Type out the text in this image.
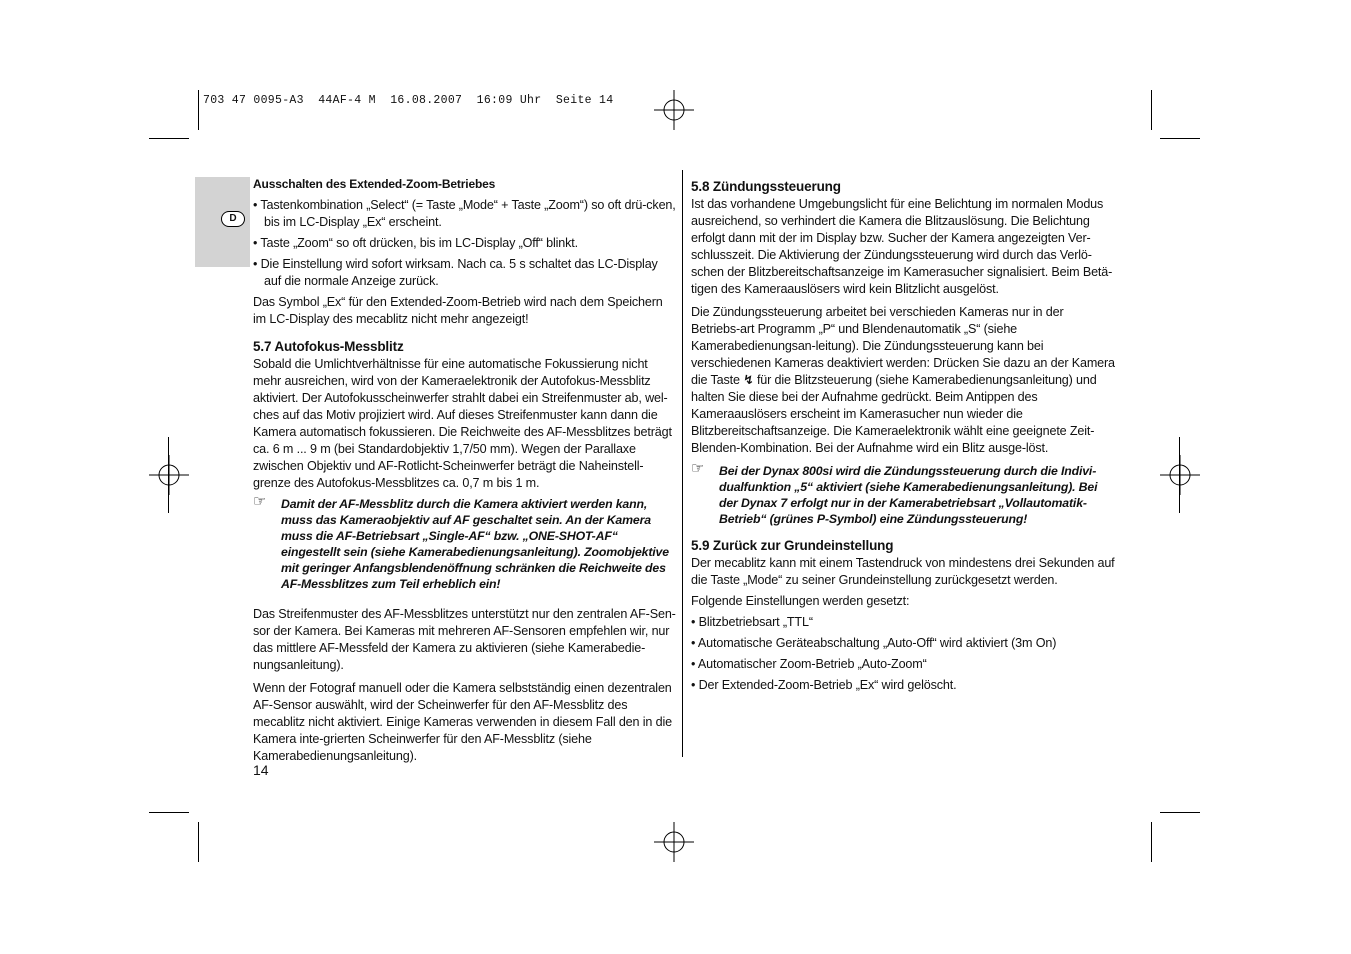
703 47 0095-A3  44AF-4 M  16.08.2007  16:09 Uhr  Seite 14
D

Ausschalten des Extended-Zoom-Betriebes

• Tastenkombination „Select“ (= Taste „Mode“ + Taste „Zoom“) so oft drü-cken, bis im LC-Display „Ex“ erscheint.

• Taste „Zoom“ so oft drücken, bis im LC-Display „Off“ blinkt.

• Die Einstellung wird sofort wirksam. Nach ca. 5 s schaltet das LC-Display auf die normale Anzeige zurück.

Das Symbol „Ex“ für den Extended-Zoom-Betrieb wird nach dem Speichern im LC-Display des mecablitz nicht mehr angezeigt!

5.7 Autofokus-Messblitz

Sobald die Umlichtverhältnisse für eine automatische Fokussierung nicht mehr ausreichen, wird von der Kameraelektronik der Autofokus-Messblitz aktiviert. Der Autofokusscheinwerfer strahlt dabei ein Streifenmuster ab, wel-ches auf das Motiv projiziert wird. Auf dieses Streifenmuster kann dann die Kamera automatisch fokussieren. Die Reichweite des AF-Messblitzes beträgt ca. 6 m ... 9 m (bei Standardobjektiv 1,7/50 mm). Wegen der Parallaxe zwischen Objektiv und AF-Rotlicht-Scheinwerfer beträgt die Naheinstell-grenze des Autofokus-Messblitzes ca. 0,7 m bis 1 m.

☞ Damit der AF-Messblitz durch die Kamera aktiviert werden kann, muss das Kameraobjektiv auf AF geschaltet sein. An der Kamera muss die AF-Betriebsart „Single-AF“ bzw. „ONE-SHOT-AF“ eingestellt sein (siehe Kamerabedienungsanleitung). Zoomobjektive mit geringer Anfangsblendenöffnung schränken die Reichweite des AF-Messblitzes zum Teil erheblich ein!

Das Streifenmuster des AF-Messblitzes unterstützt nur den zentralen AF-Sen-sor der Kamera. Bei Kameras mit mehreren AF-Sensoren empfehlen wir, nur das mittlere AF-Messfeld der Kamera zu aktivieren (siehe Kamerabedie-nungsanleitung).

Wenn der Fotograf manuell oder die Kamera selbstständig einen dezentralen AF-Sensor auswählt, wird der Scheinwerfer für den AF-Messblitz des mecablitz nicht aktiviert. Einige Kameras verwenden in diesem Fall den in die Kamera inte-grierten Scheinwerfer für den AF-Messblitz (siehe Kamerabedienungsanleitung).

14

5.8 Zündungssteuerung

Ist das vorhandene Umgebungslicht für eine Belichtung im normalen Modus ausreichend, so verhindert die Kamera die Blitzauslösung. Die Belichtung erfolgt dann mit der im Display bzw. Sucher der Kamera angezeigten Ver-schlusszeit. Die Aktivierung der Zündungssteuerung wird durch das Verlö-schen der Blitzbereitschaftsanzeige im Kamerasucher signalisiert. Beim Betä-tigen des Kameraauslösers wird kein Blitzlicht ausgelöst.

Die Zündungssteuerung arbeitet bei verschieden Kameras nur in der Betriebs-art Programm „P“ und Blendenautomatik „S“ (siehe Kamerabedienungsan-leitung). Die Zündungssteuerung kann bei verschiedenen Kameras deaktiviert werden: Drücken Sie dazu an der Kamera die Taste ↯ für die Blitzsteuerung (siehe Kamerabedienungsanleitung) und halten Sie diese bei der Aufnahme gedrückt. Beim Antippen des Kameraauslösers erscheint im Kamerasucher nun wieder die Blitzbereitschaftsanzeige. Die Kameraelektronik wählt eine geeignete Zeit-Blenden-Kombination. Bei der Aufnahme wird ein Blitz ausge-löst.

☞ Bei der Dynax 800si wird die Zündungssteuerung durch die Indivi-dualfunktion „5“ aktiviert (siehe Kamerabedienungsanleitung). Bei der Dynax 7 erfolgt nur in der Kamerabetriebsart „Vollautomatik-Betrieb“ (grünes P-Symbol) eine Zündungssteuerung!

5.9 Zurück zur Grundeinstellung

Der mecablitz kann mit einem Tastendruck von mindestens drei Sekunden auf die Taste „Mode“ zu seiner Grundeinstellung zurückgesetzt werden.

Folgende Einstellungen werden gesetzt:

• Blitzbetriebsart „TTL“

• Automatische Geräteabschaltung „Auto-Off“ wird aktiviert (3m On)

• Automatischer Zoom-Betrieb „Auto-Zoom“

• Der Extended-Zoom-Betrieb „Ex“ wird gelöscht.
